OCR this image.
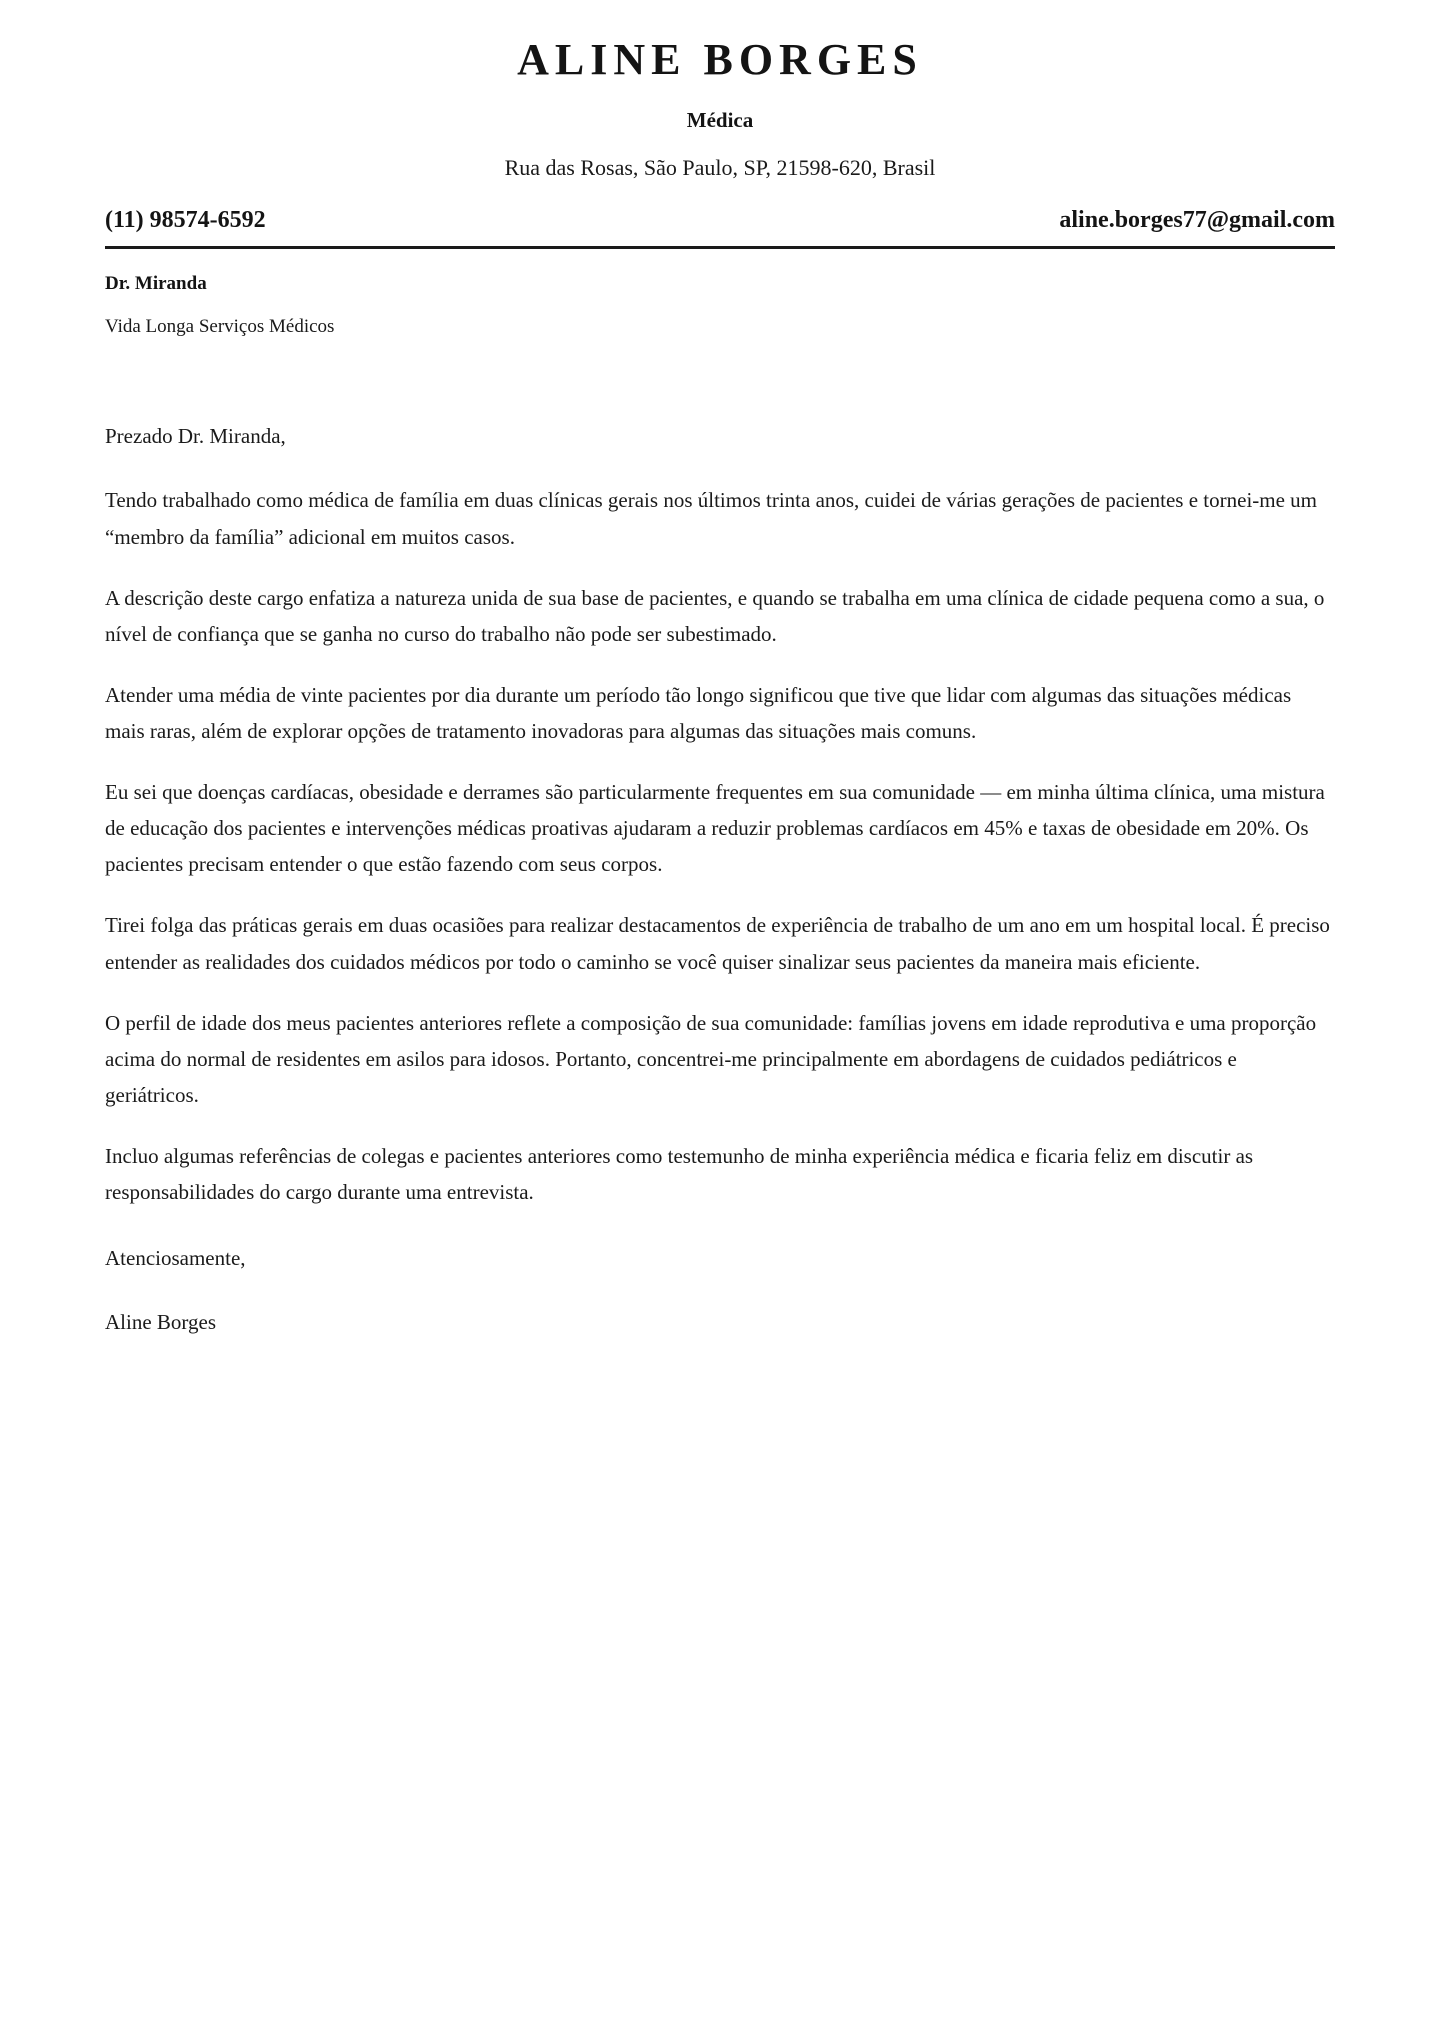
ALINE BORGES
Médica
Rua das Rosas, São Paulo, SP, 21598-620, Brasil
(11) 98574-6592	aline.borges77@gmail.com
Dr. Miranda
Vida Longa Serviços Médicos

Prezado Dr. Miranda,

Tendo trabalhado como médica de família em duas clínicas gerais nos últimos trinta anos, cuidei de várias gerações de pacientes e tornei-me um “membro da família” adicional em muitos casos.

A descrição deste cargo enfatiza a natureza unida de sua base de pacientes, e quando se trabalha em uma clínica de cidade pequena como a sua, o nível de confiança que se ganha no curso do trabalho não pode ser subestimado.

Atender uma média de vinte pacientes por dia durante um período tão longo significou que tive que lidar com algumas das situações médicas mais raras, além de explorar opções de tratamento inovadoras para algumas das situações mais comuns.

Eu sei que doenças cardíacas, obesidade e derrames são particularmente frequentes em sua comunidade — em minha última clínica, uma mistura de educação dos pacientes e intervenções médicas proativas ajudaram a reduzir problemas cardíacos em 45% e taxas de obesidade em 20%. Os pacientes precisam entender o que estão fazendo com seus corpos.

Tirei folga das práticas gerais em duas ocasiões para realizar destacamentos de experiência de trabalho de um ano em um hospital local. É preciso entender as realidades dos cuidados médicos por todo o caminho se você quiser sinalizar seus pacientes da maneira mais eficiente.

O perfil de idade dos meus pacientes anteriores reflete a composição de sua comunidade: famílias jovens em idade reprodutiva e uma proporção acima do normal de residentes em asilos para idosos. Portanto, concentrei-me principalmente em abordagens de cuidados pediátricos e geriátricos.

Incluo algumas referências de colegas e pacientes anteriores como testemunho de minha experiência médica e ficaria feliz em discutir as responsabilidades do cargo durante uma entrevista.

Atenciosamente,

Aline Borges
